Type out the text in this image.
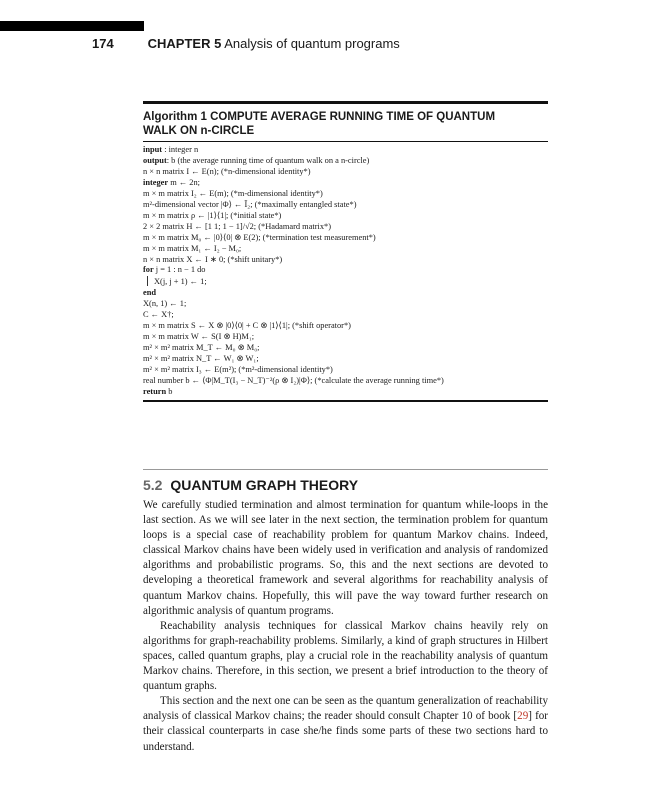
174	CHAPTER 5 Analysis of quantum programs
Algorithm 1 COMPUTE AVERAGE RUNNING TIME OF QUANTUM
WALK ON n-CIRCLE
input : integer n
output: b (the average running time of quantum walk on a n-circle)
n × n matrix I ← E(n); (*n-dimensional identity*)
integer m ← 2n;
m × m matrix I₂ ← E(m); (*m-dimensional identity*)
m²-dimensional vector |Φ⟩ ← Ĩ₂; (*maximally entangled state*)
m × m matrix ρ ← |1⟩⟨1|; (*initial state*)
2 × 2 matrix H ← [1 1; 1 − 1]/√2; (*Hadamard matrix*)
m × m matrix M₀ ← |0⟩⟨0| ⊗ E(2); (*termination test measurement*)
m × m matrix M₁ ← I₂ − M₀;
n × n matrix X ← I ∗ 0; (*shift unitary*)
for j = 1 : n − 1 do
X(j, j + 1) ← 1;
end
X(n, 1) ← 1;
C ← X†;
m × m matrix S ← X ⊗ |0⟩⟨0| + C ⊗ |1⟩⟨1|; (*shift operator*)
m × m matrix W ← S(I ⊗ H)M₁;
m² × m² matrix M_T ← M₀ ⊗ M₀;
m² × m² matrix N_T ← W₁ ⊗ W₁;
m² × m² matrix I₃ ← E(m²); (*m²-dimensional identity*)
real number b ← ⟨Φ|M_T(I₃ − N_T)⁻²(ρ ⊗ I₂)|Φ⟩; (*calculate the average running time*)
return b
5.2 QUANTUM GRAPH THEORY

We carefully studied termination and almost termination for quantum while-loops in the last section. As we will see later in the next section, the termination problem for quantum loops is a special case of reachability problem for quantum Markov chains. Indeed, classical Markov chains have been widely used in verification and analysis of randomized algorithms and probabilistic programs. So, this and the next sections are devoted to developing a theoretical framework and several algorithms for reachability analysis of quantum Markov chains. Hopefully, this will pave the way toward further research on algorithmic analysis of quantum programs.

Reachability analysis techniques for classical Markov chains heavily rely on algorithms for graph-reachability problems. Similarly, a kind of graph structures in Hilbert spaces, called quantum graphs, play a crucial role in the reachability analysis of quantum Markov chains. Therefore, in this section, we present a brief introduction to the theory of quantum graphs.

This section and the next one can be seen as the quantum generalization of reachability analysis of classical Markov chains; the reader should consult Chapter 10 of book [29] for their classical counterparts in case she/he finds some parts of these two sections hard to understand.
